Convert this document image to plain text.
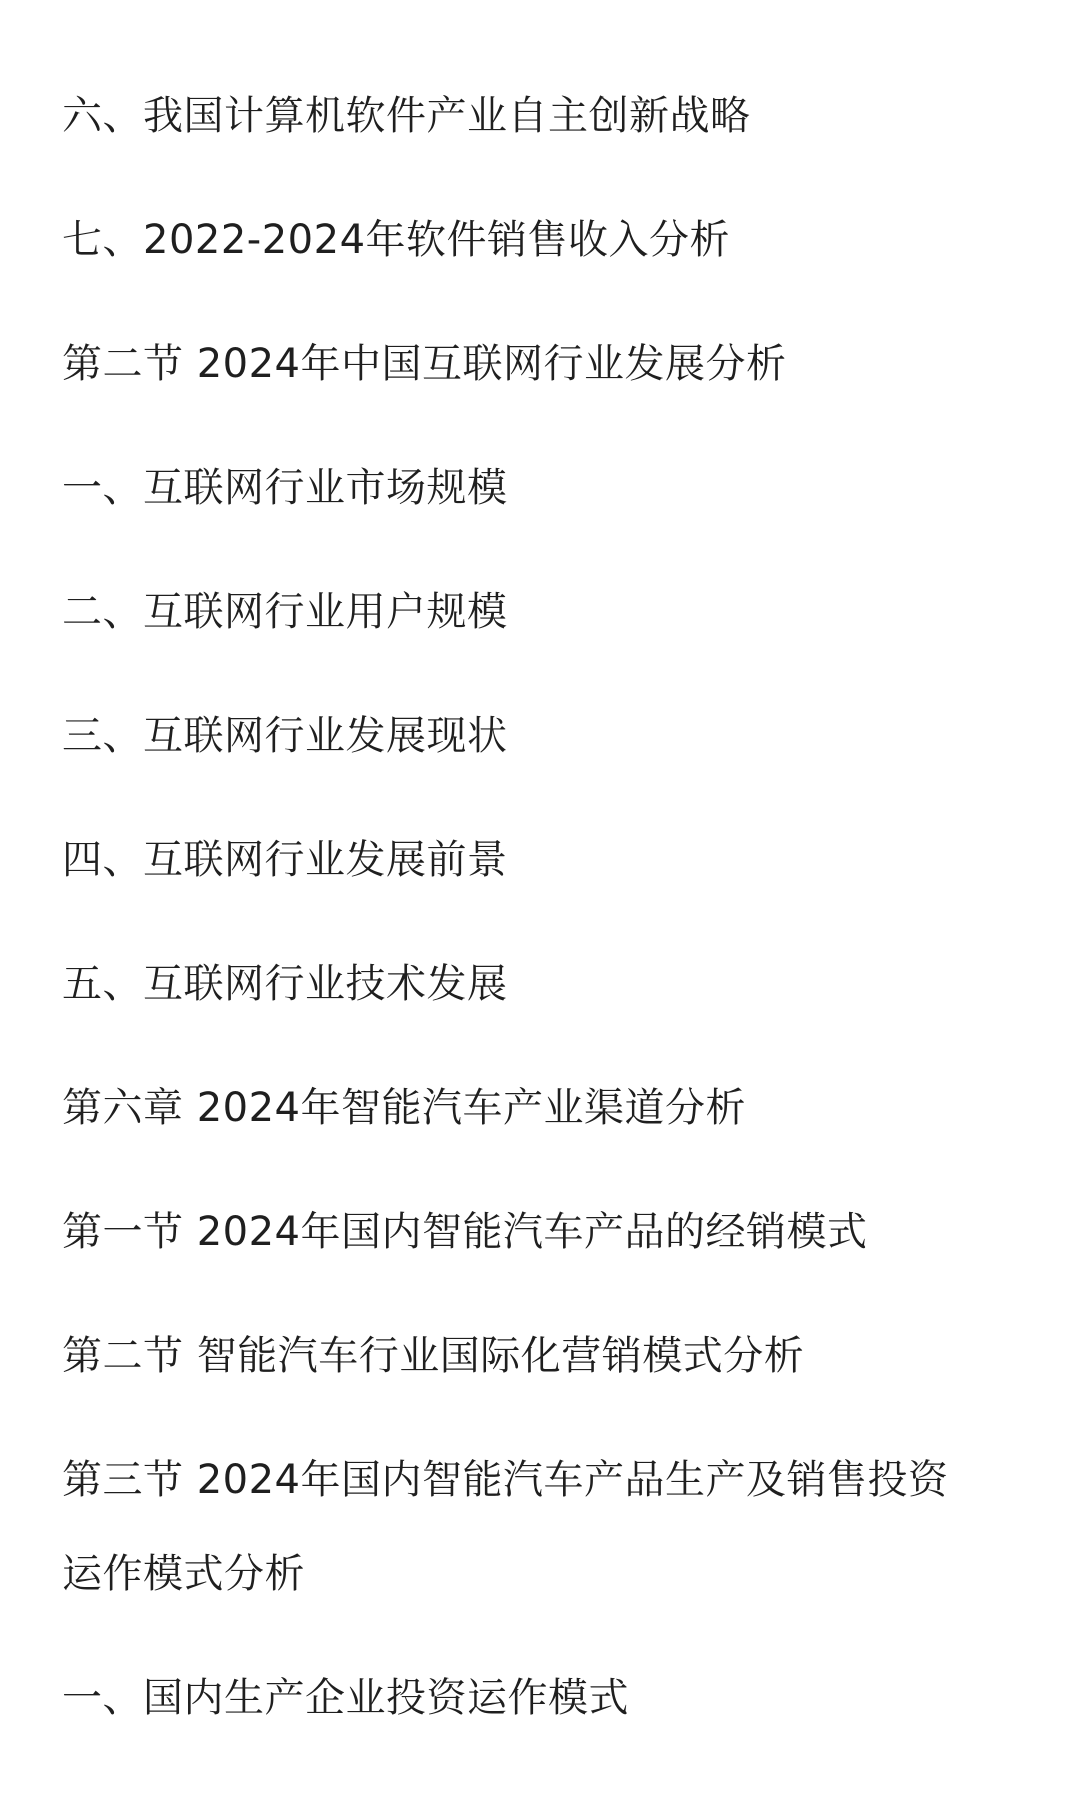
六、我国计算机软件产业自主创新战略
七、2022-2024年软件销售收入分析
第二节 2024年中国互联网行业发展分析
一、互联网行业市场规模
二、互联网行业用户规模
三、互联网行业发展现状
四、互联网行业发展前景
五、互联网行业技术发展
第六章 2024年智能汽车产业渠道分析
第一节 2024年国内智能汽车产品的经销模式
第二节 智能汽车行业国际化营销模式分析
第三节 2024年国内智能汽车产品生产及销售投资
运作模式分析
一、国内生产企业投资运作模式
